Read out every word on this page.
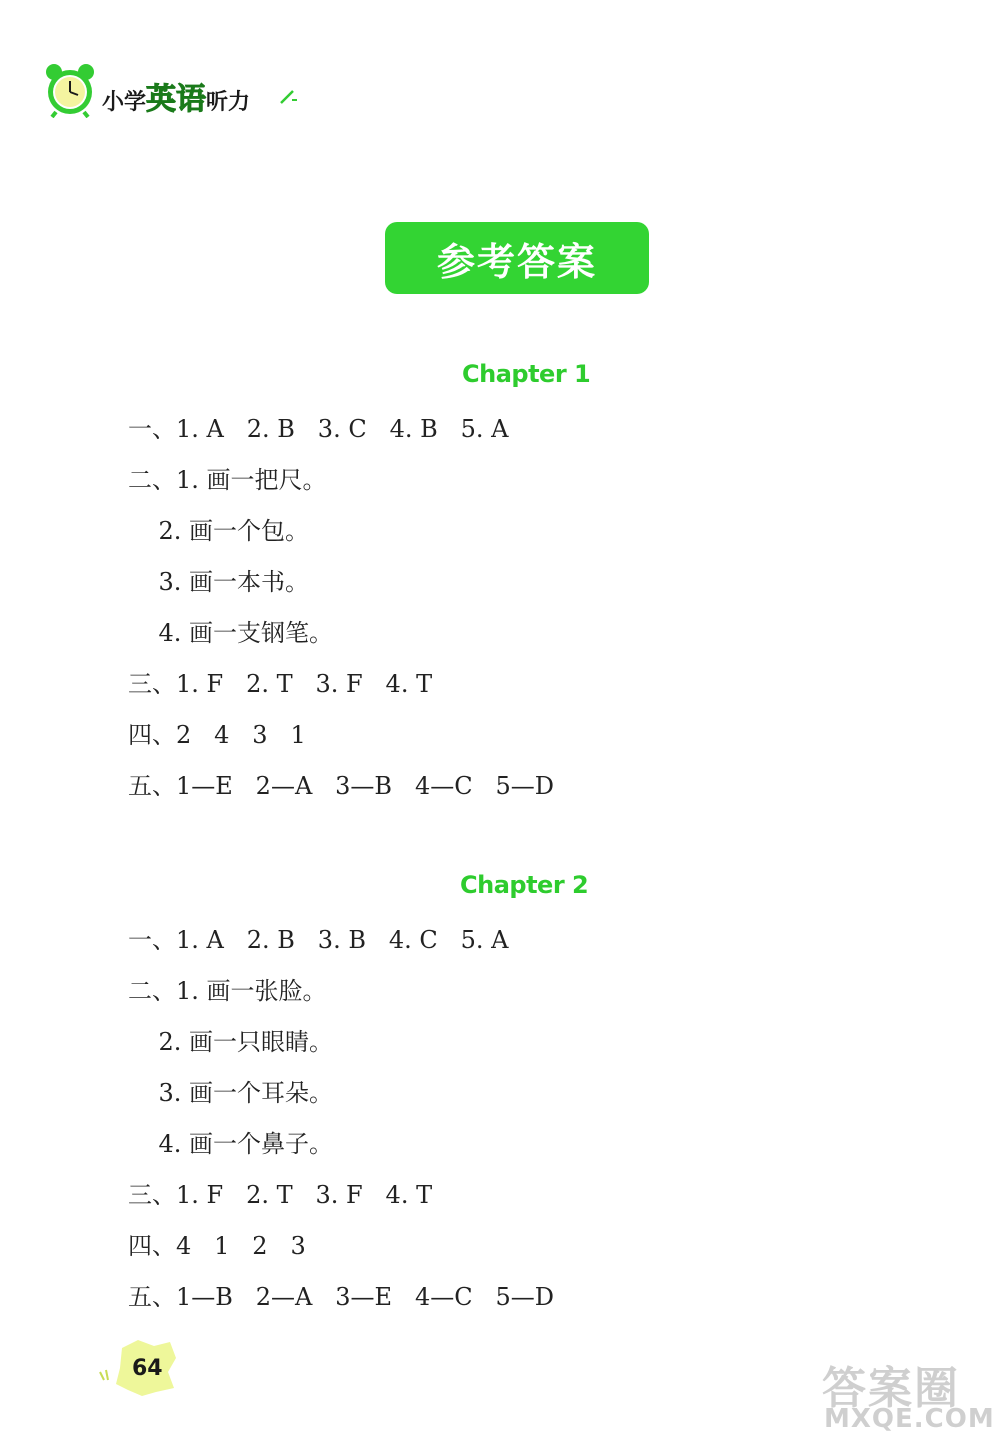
小学英语听力
参考答案
Chapter 1
一、1. A   2. B   3. C   4. B   5. A
二、1. 画一把尺。
2. 画一个包。
3. 画一本书。
4. 画一支钢笔。
三、1. F   2. T   3. F   4. T
四、2   4   3   1
五、1—E   2—A   3—B   4—C   5—D
Chapter 2
一、1. A   2. B   3. B   4. C   5. A
二、1. 画一张脸。
2. 画一只眼睛。
3. 画一个耳朵。
4. 画一个鼻子。
三、1. F   2. T   3. F   4. T
四、4   1   2   3
五、1—B   2—A   3—E   4—C   5—D
64	答案圈
MXQE.COM
